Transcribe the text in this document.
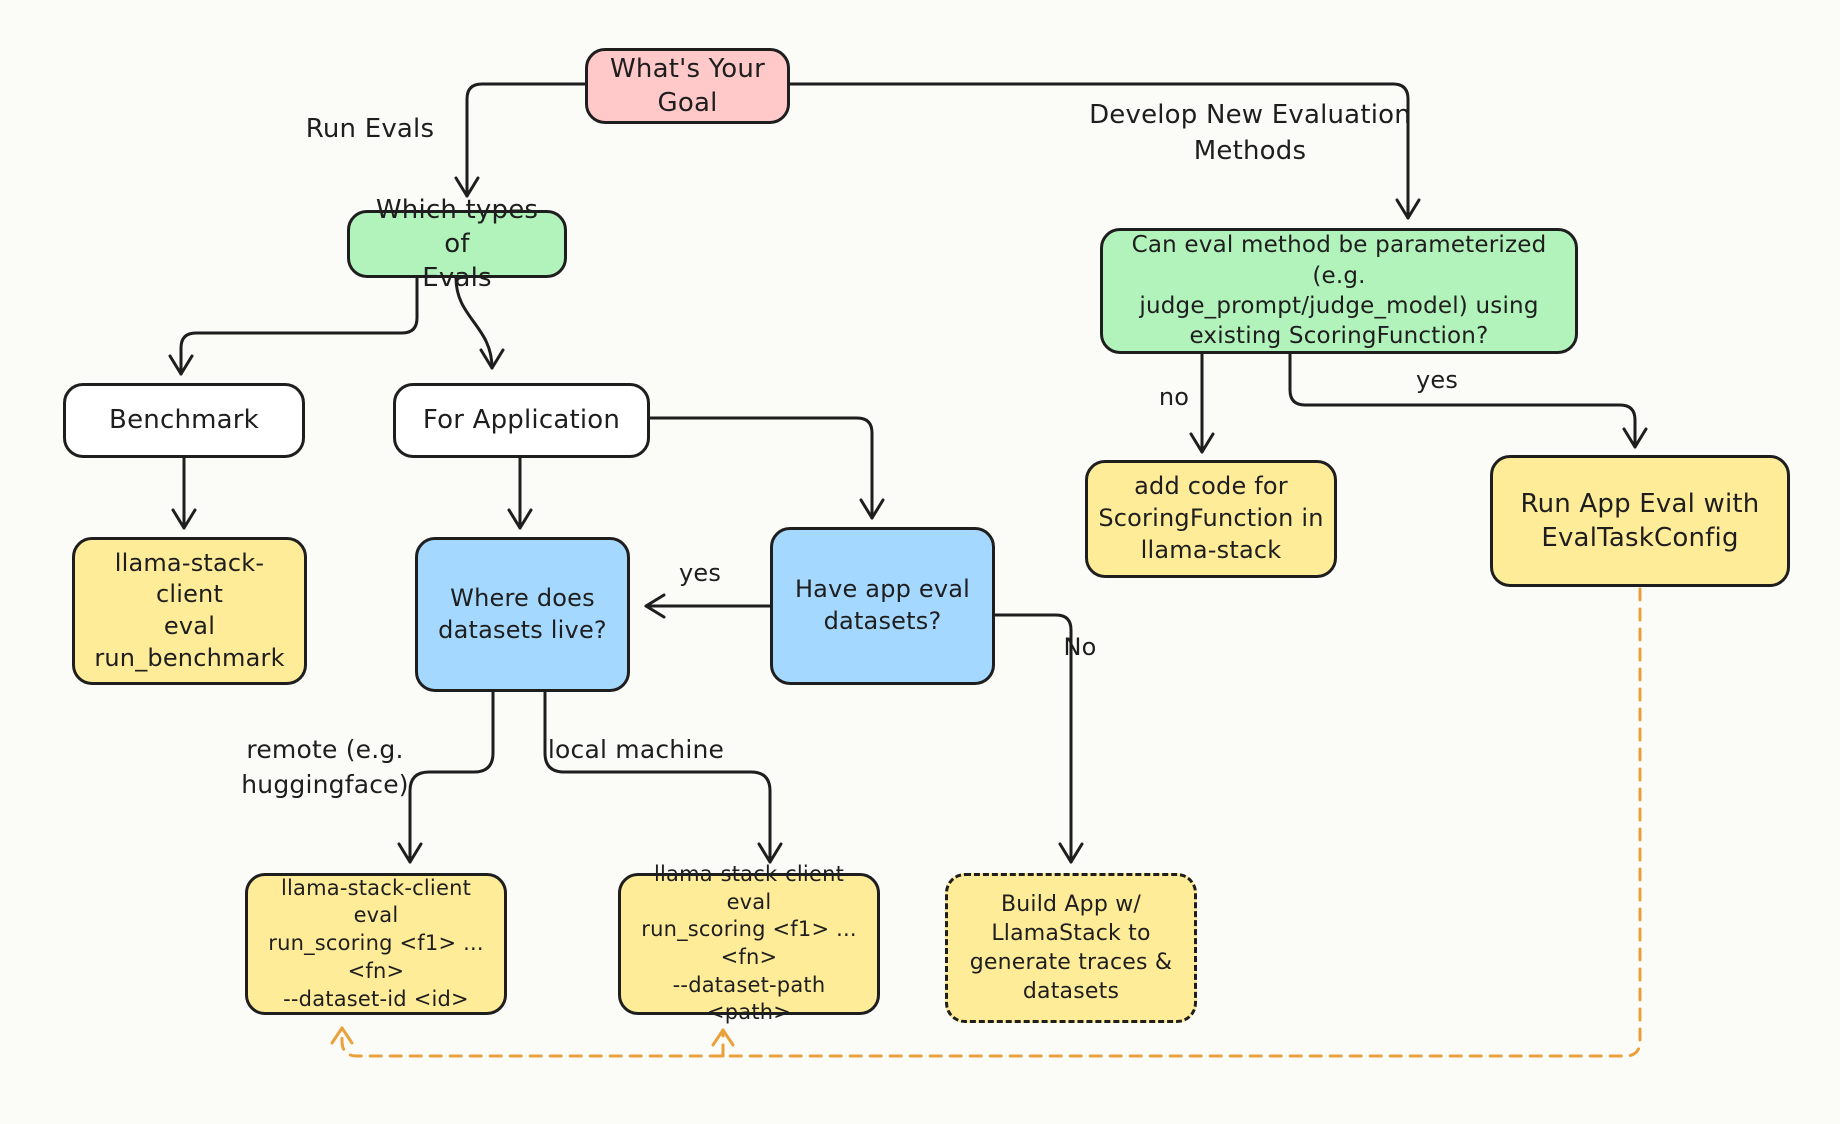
What's Your
Goal
Which types of
Evals
Can eval method be parameterized (e.g.
judge_prompt/judge_model) using
existing ScoringFunction?
Benchmark	For Application
llama-stack-client
eval run_benchmark
Where does
datasets live?
Have app eval
datasets?
add code for
ScoringFunction in
llama-stack
Run App Eval with
EvalTaskConfig
llama-stack-client eval
run_scoring <f1> ... <fn>
--dataset-id <id>
llama-stack-client eval
run_scoring <f1> ... <fn>
--dataset-path <path>
Build App w/
LlamaStack to
generate traces &
datasets
Run Evals	Develop New Evaluation
Methods
no
yes
yes
No
remote (e.g. huggingface)
local machine
